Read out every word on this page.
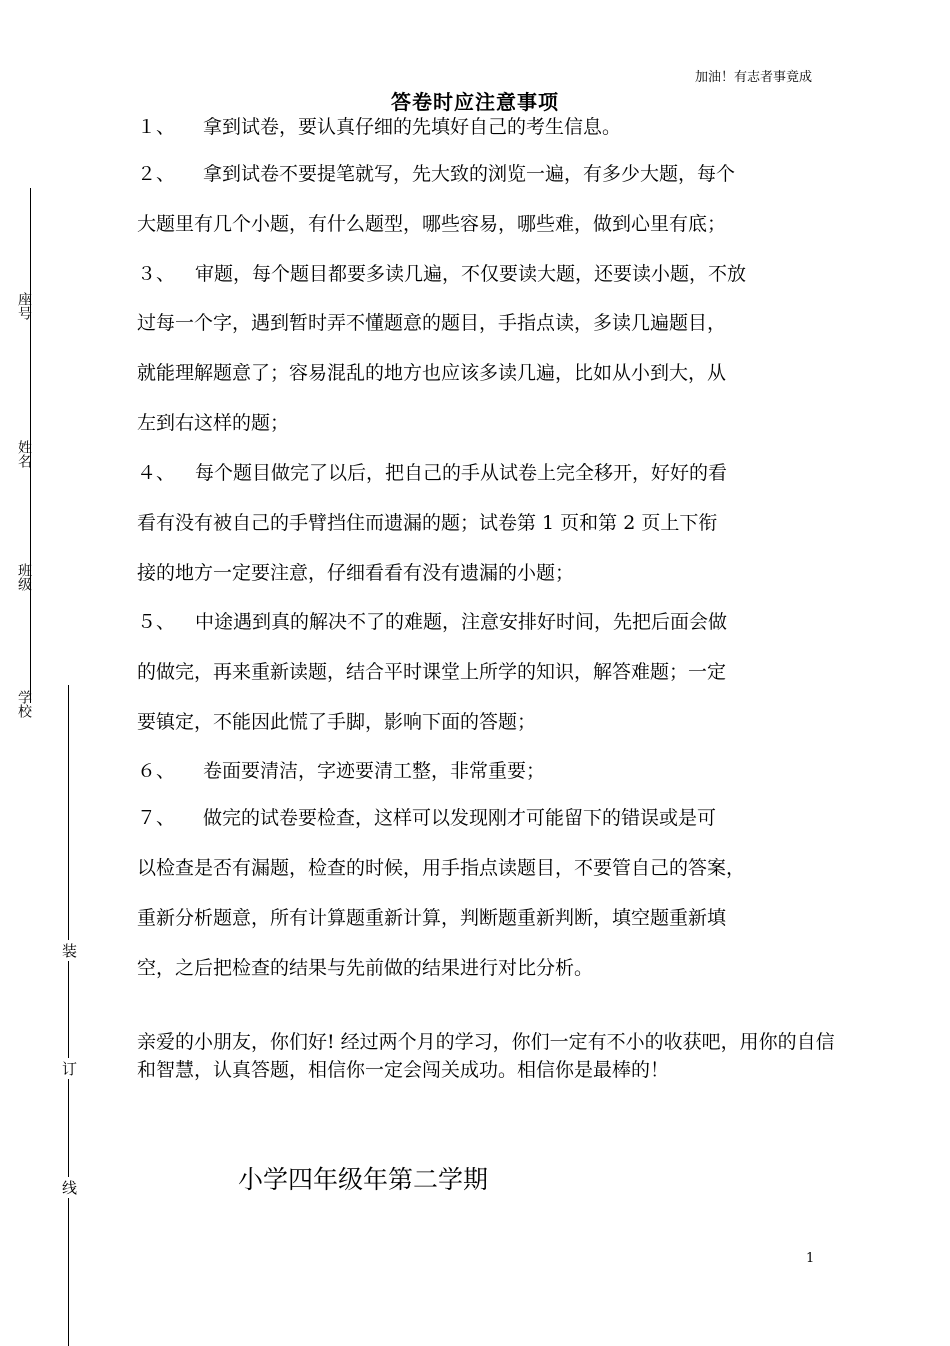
座号
姓名
班级
学校
装
订
线
加油！有志者事竟成
答卷时应注意事项
１、 拿到试卷，要认真仔细的先填好自己的考生信息。
２、 拿到试卷不要提笔就写，先大致的浏览一遍，有多少大题，每个
大题里有几个小题，有什么题型，哪些容易，哪些难，做到心里有底；
３、 审题，每个题目都要多读几遍，不仅要读大题，还要读小题，不放
过每一个字，遇到暂时弄不懂题意的题目，手指点读，多读几遍题目，
就能理解题意了；容易混乱的地方也应该多读几遍，比如从小到大，从
左到右这样的题；
４、 每个题目做完了以后，把自己的手从试卷上完全移开，好好的看
看有没有被自己的手臂挡住而遗漏的题；试卷第 1 页和第 2 页上下衔
接的地方一定要注意，仔细看看有没有遗漏的小题；
５、 中途遇到真的解决不了的难题，注意安排好时间，先把后面会做
的做完，再来重新读题，结合平时课堂上所学的知识，解答难题；一定
要镇定，不能因此慌了手脚，影响下面的答题；
６、 卷面要清洁，字迹要清工整，非常重要；
７、 做完的试卷要检查，这样可以发现刚才可能留下的错误或是可
以检查是否有漏题，检查的时候，用手指点读题目，不要管自己的答案，
重新分析题意，所有计算题重新计算，判断题重新判断，填空题重新填
空，之后把检查的结果与先前做的结果进行对比分析。
亲爱的小朋友，你们好! 经过两个月的学习，你们一定有不小的收获吧，用你的自信和智慧，认真答题，相信你一定会闯关成功。相信你是最棒的！
小学四年级年第二学期
1
